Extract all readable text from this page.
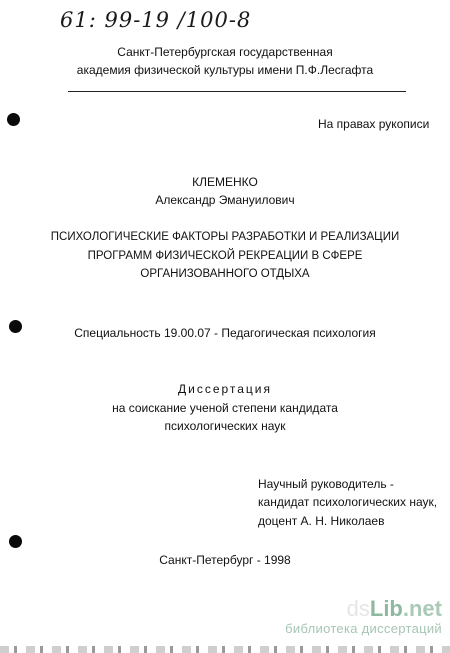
61: 99-19 /100-8
Санкт-Петербургская государственная
академия физической культуры имени П.Ф.Лесгафта
На правах рукописи
КЛЕМЕНКО
Александр Эмануилович
ПСИХОЛОГИЧЕСКИЕ ФАКТОРЫ РАЗРАБОТКИ И РЕАЛИЗАЦИИ
ПРОГРАММ ФИЗИЧЕСКОЙ РЕКРЕАЦИИ В СФЕРЕ
ОРГАНИЗОВАННОГО ОТДЫХА
Специальность 19.00.07 - Педагогическая психология
Диссертация
на соискание ученой степени кандидата
психологических наук
Научный руководитель -
кандидат психологических наук,
доцент А. Н. Николаев
Санкт-Петербург - 1998
dsLib.net
библиотека диссертаций
